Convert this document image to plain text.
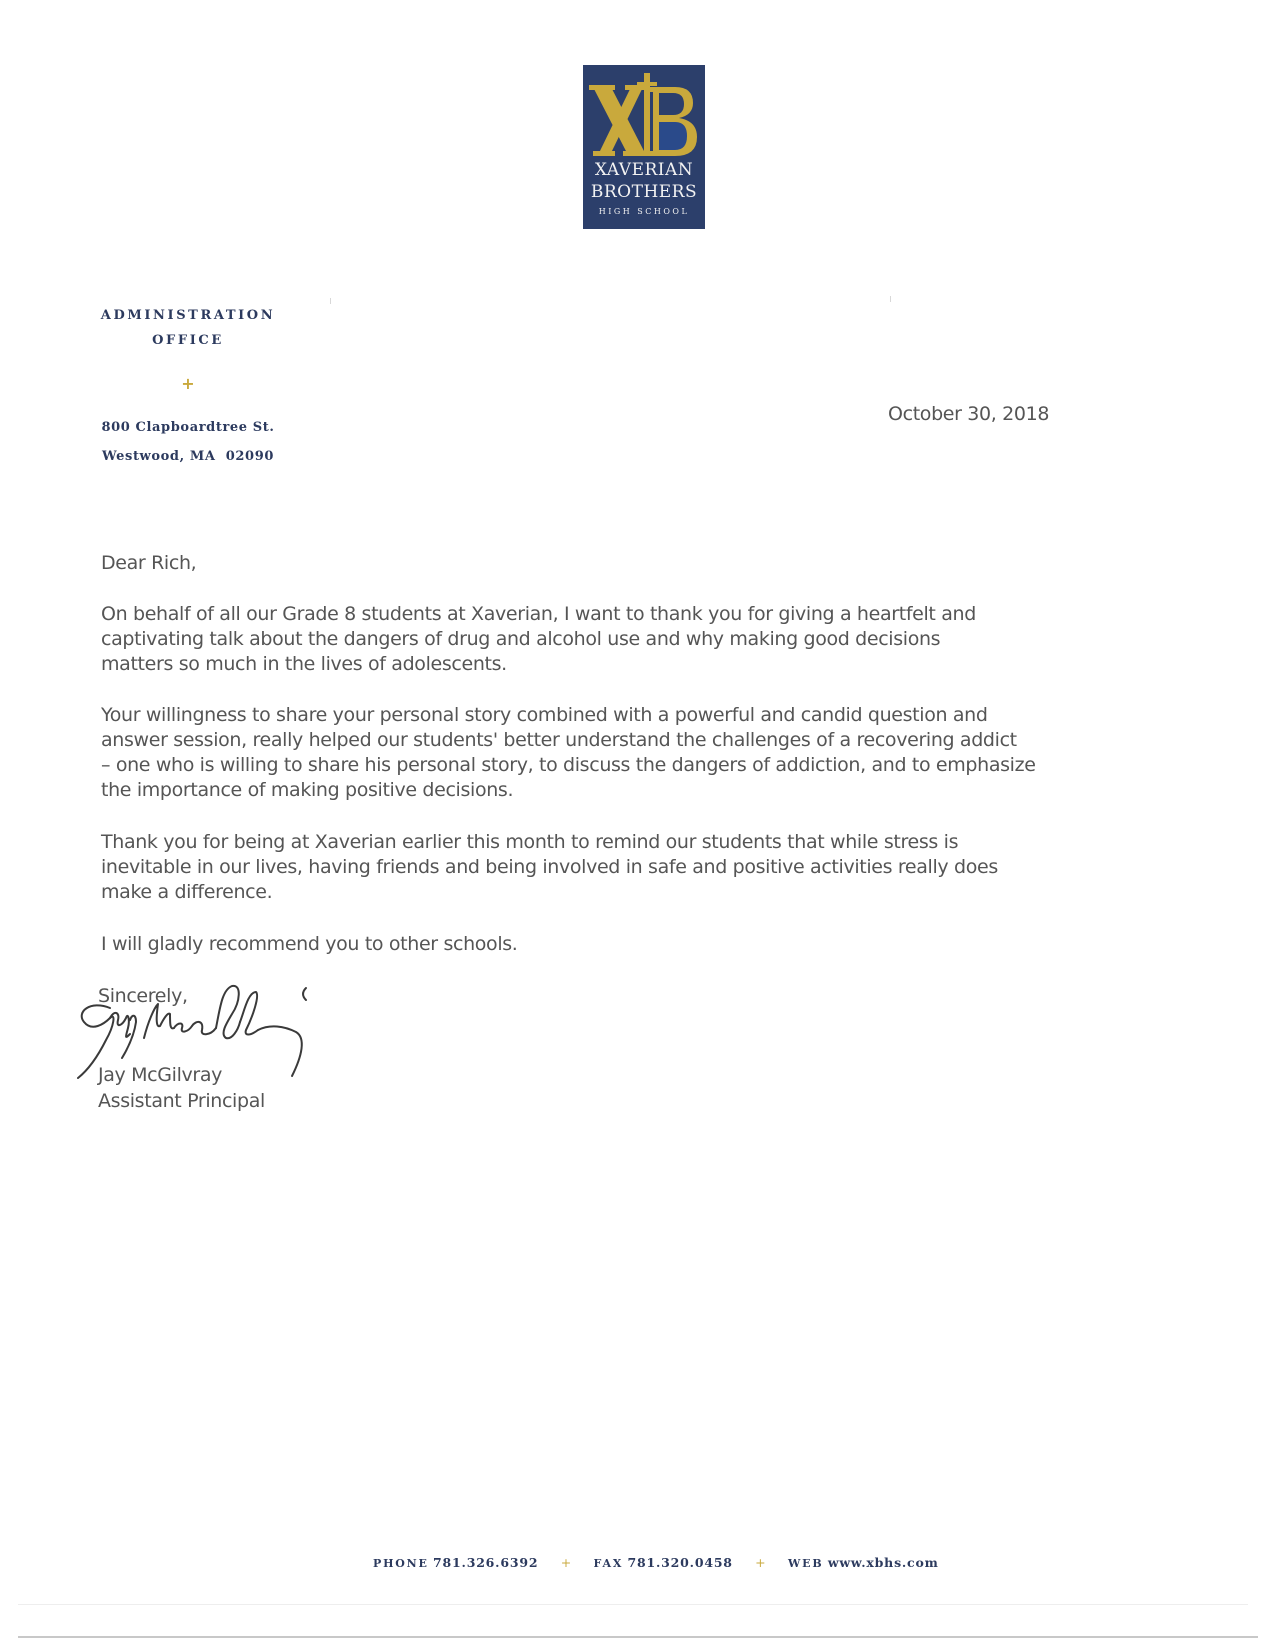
XAVERIAN
BROTHERS
HIGH SCHOOL
ADMINISTRATION
OFFICE
+
800 Clapboardtree St.
Westwood, MA  02090
October 30, 2018
Dear Rich,
On behalf of all our Grade 8 students at Xaverian, I want to thank you for giving a heartfelt and
captivating talk about the dangers of drug and alcohol use and why making good decisions
matters so much in the lives of adolescents.
Your willingness to share your personal story combined with a powerful and candid question and
answer session, really helped our students' better understand the challenges of a recovering addict
– one who is willing to share his personal story, to discuss the dangers of addiction, and to emphasize
the importance of making positive decisions.
Thank you for being at Xaverian earlier this month to remind our students that while stress is
inevitable in our lives, having friends and being involved in safe and positive activities really does
make a difference.
I will gladly recommend you to other schools.
Sincerely,
Jay McGilvray
Assistant Principal
PHONE 781.326.6392 + FAX 781.320.0458 + WEB www.xbhs.com
